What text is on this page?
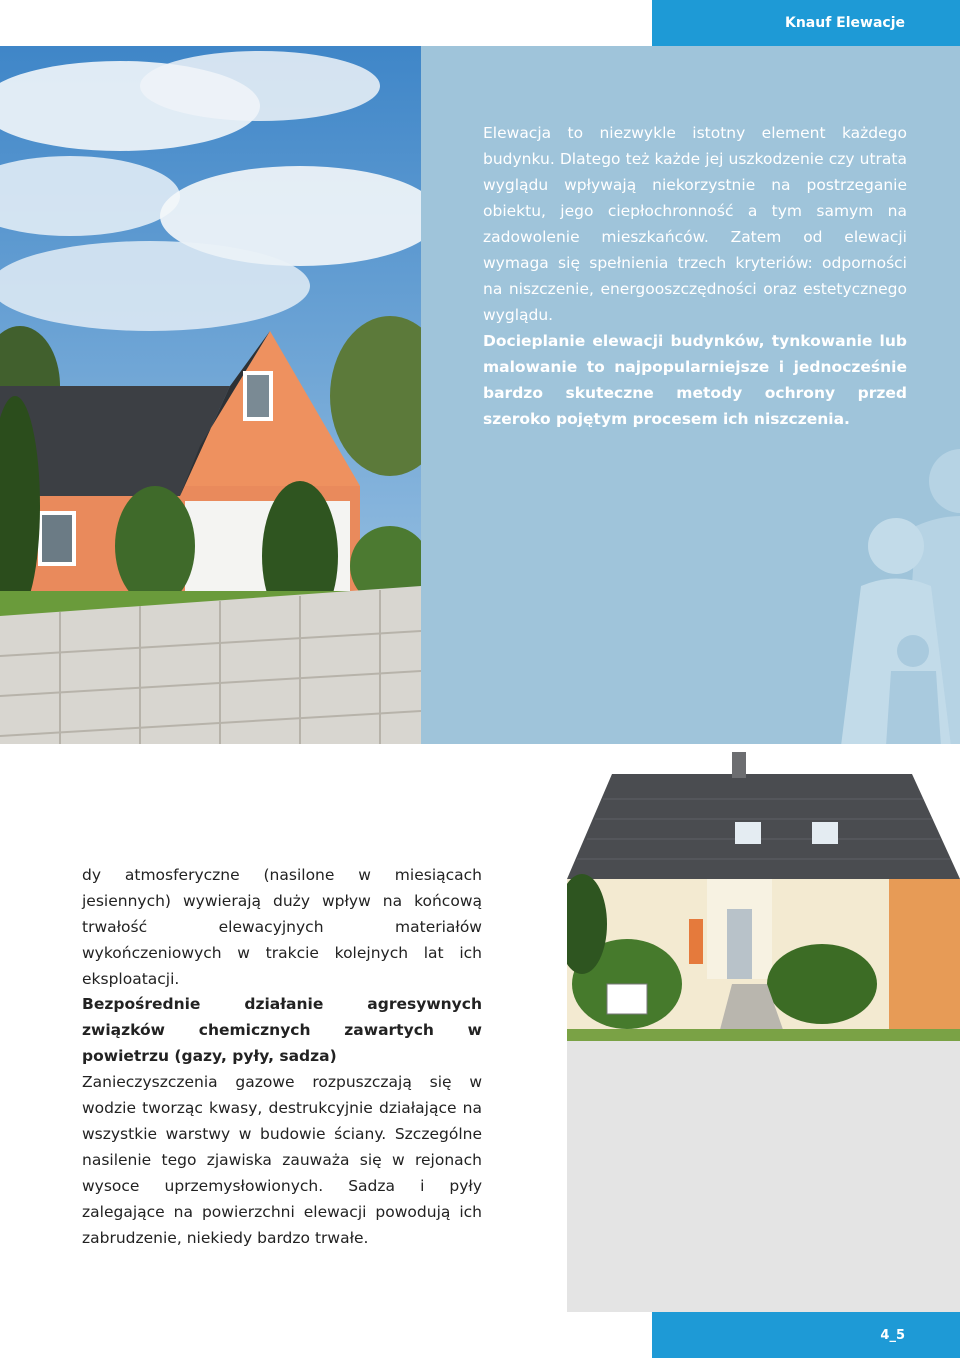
Knauf Elewacje
Elewacja to niezwykle istotny element każdego budynku. Dlatego też każde jej uszkodzenie czy utrata wyglądu wpływają niekorzystnie na postrzeganie obiektu, jego ciepłochronność a tym samym na zadowolenie mieszkańców. Zatem od elewacji wymaga się spełnienia trzech kryteriów: odporności na niszczenie, energooszczędności oraz estetycznego wyglądu.
Docieplanie elewacji budynków, tynkowanie lub malowanie to najpopularniejsze i jednocześnie bardzo skuteczne metody ochrony przed szeroko pojętym procesem ich niszczenia.
dy atmosferyczne (nasilone w miesiącach jesiennych) wywierają duży wpływ na końcową trwałość elewacyjnych materiałów wykończeniowych w trakcie kolejnych lat ich eksploatacji.
Bezpośrednie działanie agresywnych związków chemicznych zawartych w powietrzu (gazy, pyły, sadza)
Zanieczyszczenia gazowe rozpuszczają się w wodzie tworząc kwasy, destrukcyjnie działające na wszystkie warstwy w budowie ściany. Szczególne nasilenie tego zjawiska zauważa się w rejonach wysoce uprzemysłowionych. Sadza i pyły zalegające na powierzchni elewacji powodują ich zabrudzenie, niekiedy bardzo trwałe.
4_5
